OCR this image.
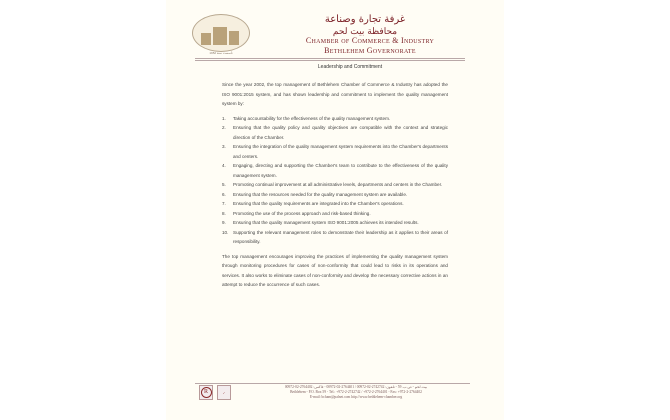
تأسست سنة 1952
غرفة تجارة وصناعة
محافظة بيت لحم
Chamber of Commerce & Industry
Bethlehem Governorate
Leadership and Commitment

Since the year 2002, the top management of Bethlehem Chamber of Commerce & Industry has adopted the ISO 9001:2015 system, and has shown leadership and commitment to implement the quality management system by:

1. Taking accountability for the effectiveness of the quality management system.
2. Ensuring that the quality policy and quality objectives are compatible with the context and strategic direction of the Chamber.
3. Ensuring the integration of the quality management system requirements into the Chamber's departments and centers.
4. Engaging, directing and supporting the Chamber's team to contribute to the effectiveness of the quality management system.
5. Promoting continual improvement at all administrative levels, departments and centers in the Chamber.
6. Ensuring that the resources needed for the quality management system are available.
7. Ensuring that the quality requirements are integrated into the Chamber's operations.
8. Promoting the use of the process approach and risk-based thinking.
9. Ensuring that the quality management system ISO 9001:2005 achieves its intended results.
10. Supporting the relevant management roles to demonstrate their leadership as it applies to their areas of responsibility.

The top management encourages improving the practices of implementing the quality management system through monitoring procedures for cases of non-conformity that could lead to risks in its operations and services. It also works to eliminate cases of non-conformity and develop the necessary corrective actions in an attempt to reduce the occurrence of such cases.

R	✓
بيت لحم - ص.ب. 59 - تلفون: 2742742-02-00972 / 2764401-02-00972 - فاكس: 2764402-02-00972
Bethlehem - P.O. Box 59 - Tel.: +972-2-2742742 / +972-2-2764401 - Fax: +972-2-2764402
E-mail: bcham@palnet.com http://www.bethlehem-chamber.org
